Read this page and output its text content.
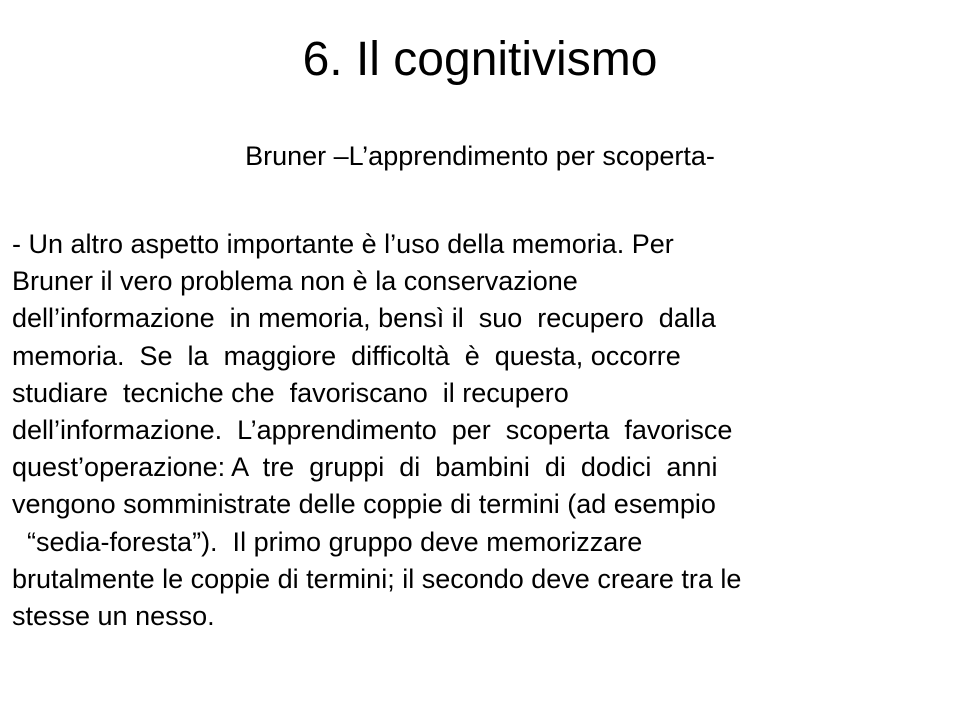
6. Il cognitivismo

Bruner –L’apprendimento per scoperta-

- Un altro aspetto importante è l’uso della memoria. Per
Bruner il vero problema non è la conservazione
dell’informazione  in memoria, bensì il  suo  recupero  dalla
memoria.  Se  la  maggiore  difficoltà  è  questa, occorre
studiare  tecniche che  favoriscano  il recupero
dell’informazione.  L’apprendimento  per  scoperta  favorisce
quest’operazione: A  tre  gruppi  di  bambini  di  dodici  anni
vengono somministrate delle coppie di termini (ad esempio
“sedia-foresta”).  Il primo gruppo deve memorizzare
brutalmente le coppie di termini; il secondo deve creare tra le
stesse un nesso.
